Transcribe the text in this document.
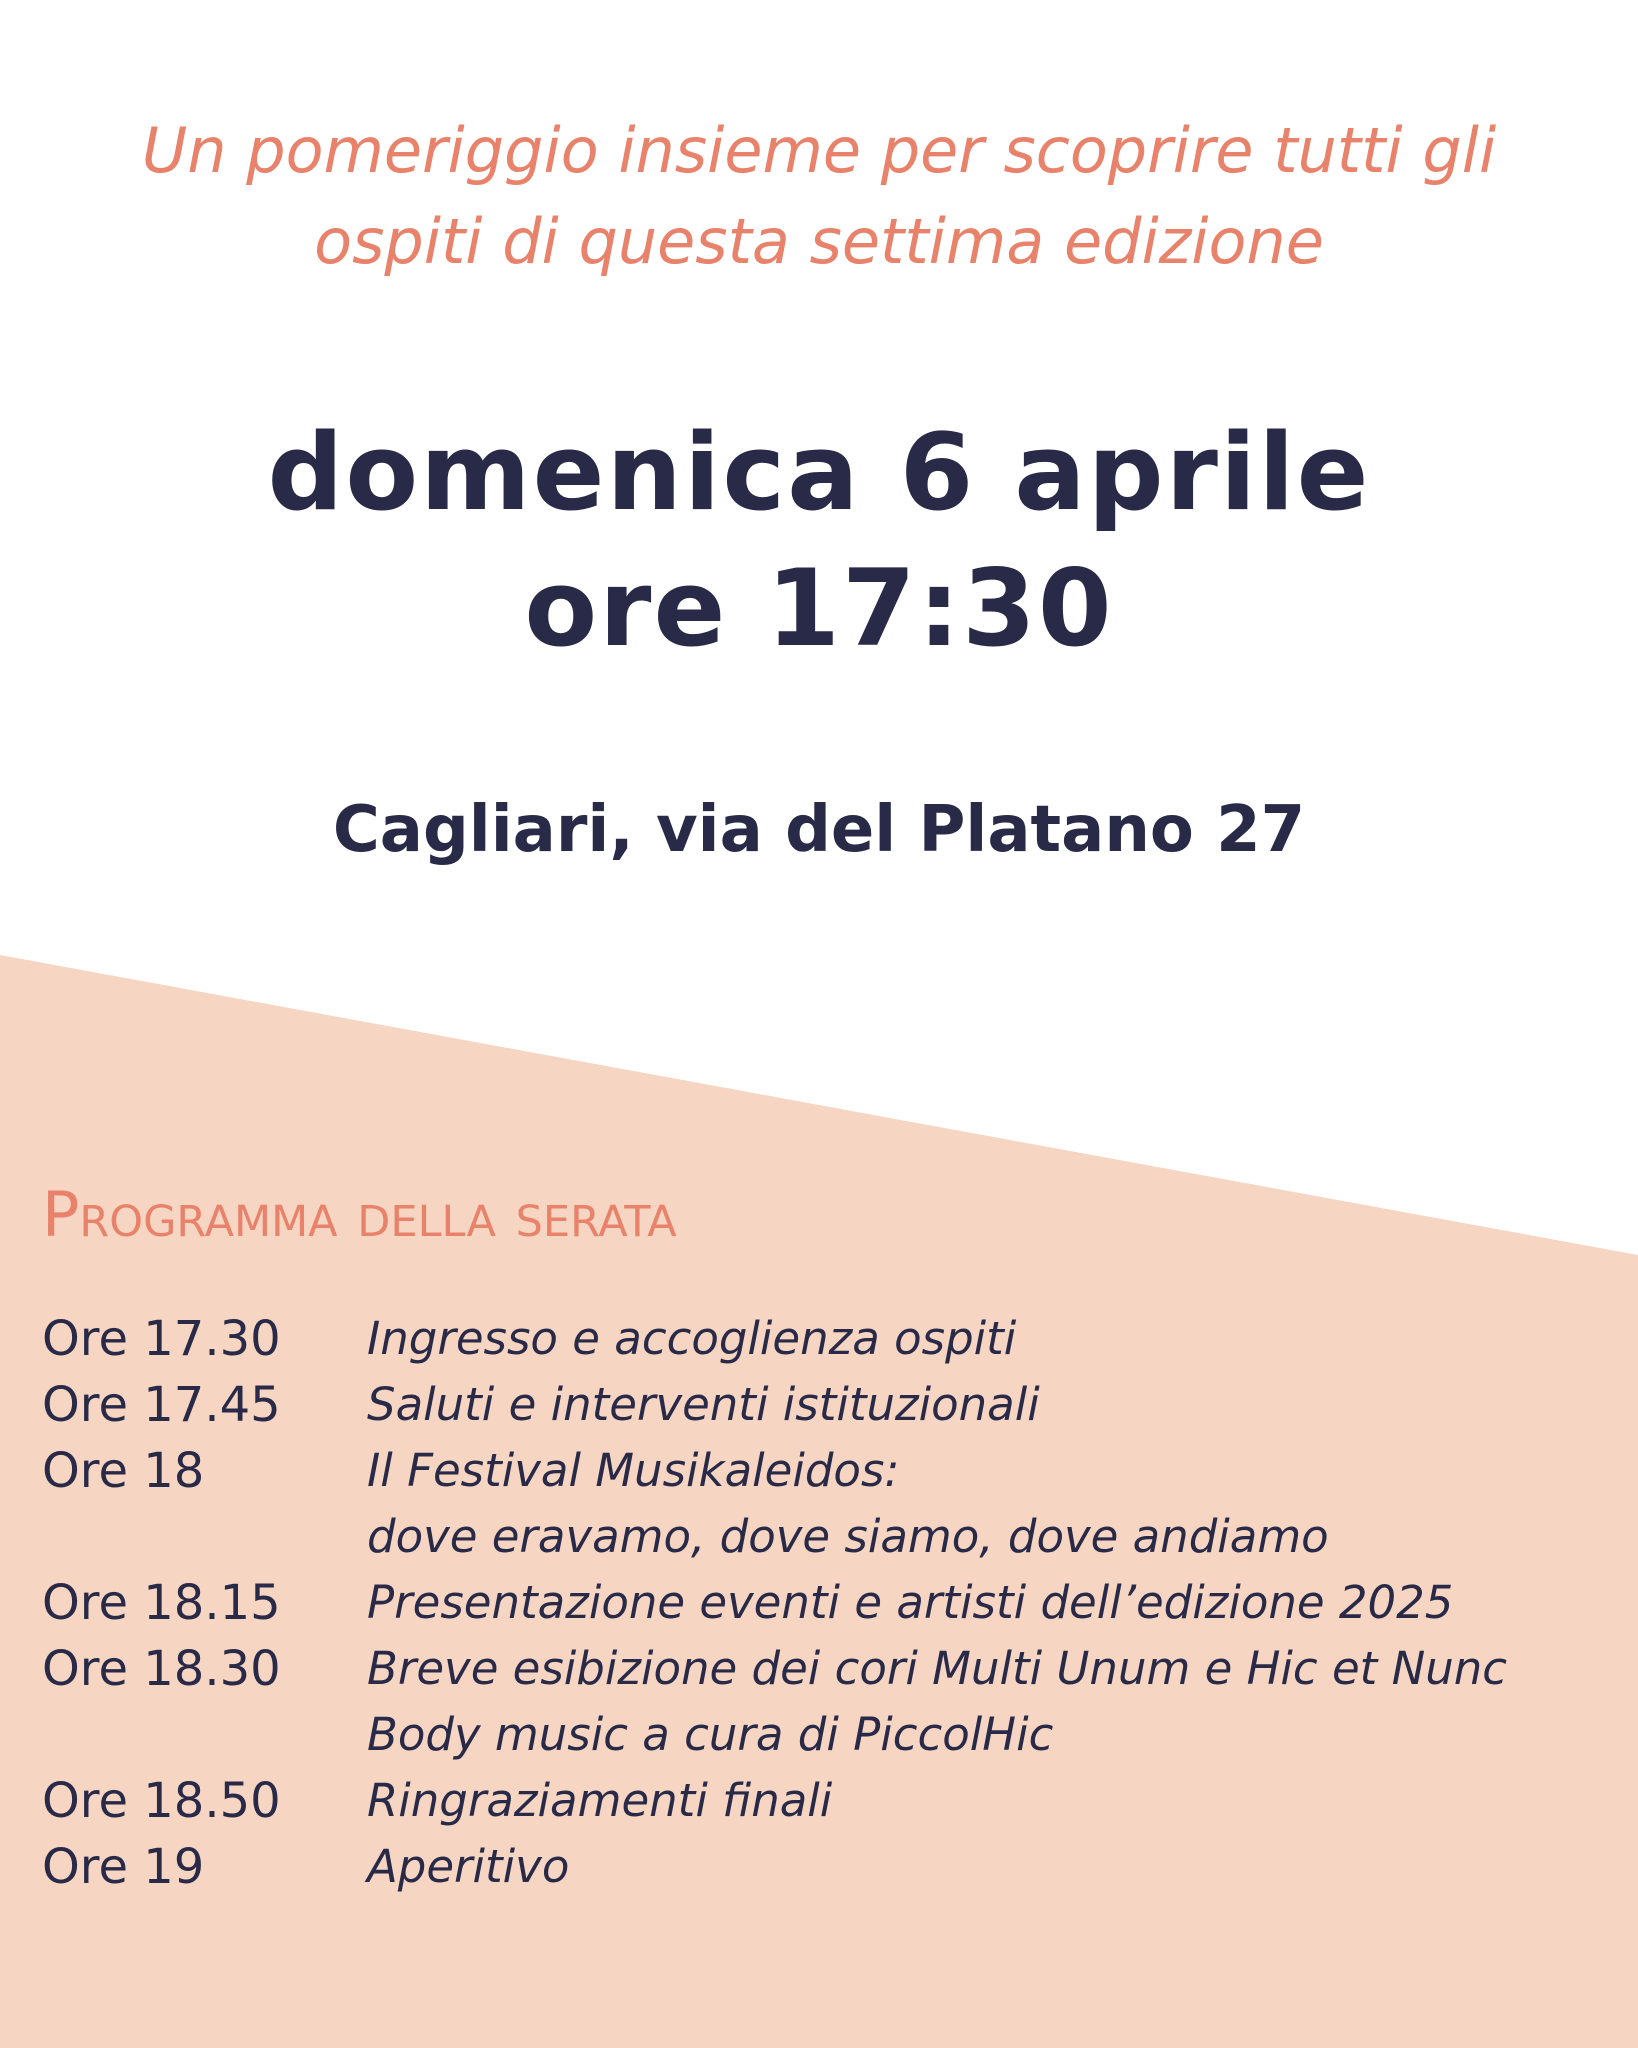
Un pomeriggio insieme per scoprire tutti gli
ospiti di questa settima edizione
domenica 6 aprile
ore 17:30
Cagliari, via del Platano 27
Programma della serata
Ore 17.30	Ingresso e accoglienza ospiti
Ore 17.45	Saluti e interventi istituzionali
Ore 18	Il Festival Musikaleidos:
dove eravamo, dove siamo, dove andiamo
Ore 18.15	Presentazione eventi e artisti dell’edizione 2025
Ore 18.30	Breve esibizione dei cori Multi Unum e Hic et Nunc
Body music a cura di PiccolHic
Ore 18.50	Ringraziamenti finali
Ore 19	Aperitivo
